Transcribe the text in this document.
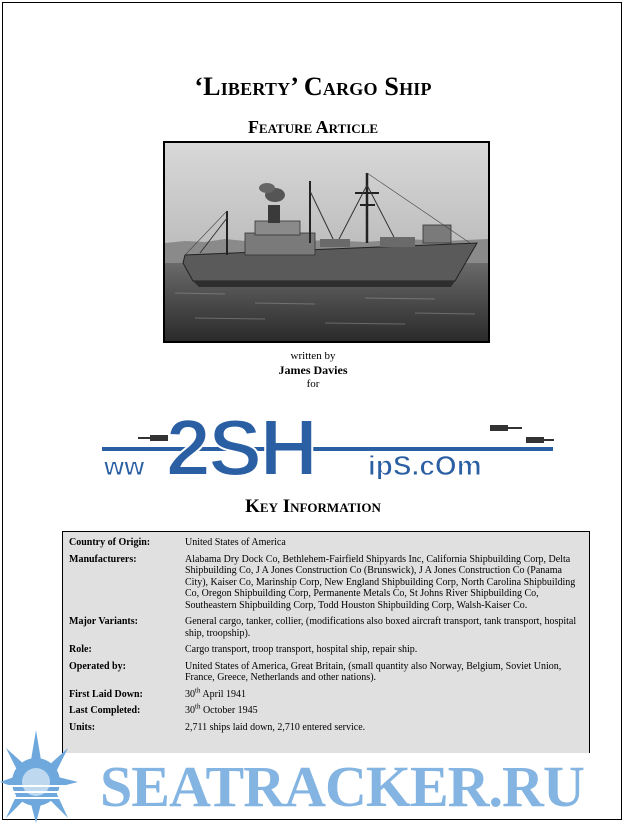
‘Liberty’ Cargo Ship
Feature Article
written by
James Davies
for
ww 2SH ipS.cOm
Key Information
Country of Origin:	United States of America
Manufacturers:	Alabama Dry Dock Co, Bethlehem-Fairfield Shipyards Inc, California Shipbuilding Corp, Delta Shipbuilding Co, J A Jones Construction Co (Brunswick), J A Jones Construction Co (Panama City), Kaiser Co, Marinship Corp, New England Shipbuilding Corp, North Carolina Shipbuilding Co, Oregon Shipbuilding Corp, Permanente Metals Co, St Johns River Shipbuilding Co, Southeastern Shipbuilding Corp, Todd Houston Shipbuilding Corp, Walsh-Kaiser Co.
Major Variants:	General cargo, tanker, collier, (modifications also boxed aircraft transport, tank transport, hospital ship, troopship).
Role:	Cargo transport, troop transport, hospital ship, repair ship.
Operated by:	United States of America, Great Britain, (small quantity also Norway, Belgium, Soviet Union, France, Greece, Netherlands and other nations).
First Laid Down:	30th April 1941
Last Completed:	30th October 1945
Units:	2,711 ships laid down, 2,710 entered service.
SEATRACKER.RU
